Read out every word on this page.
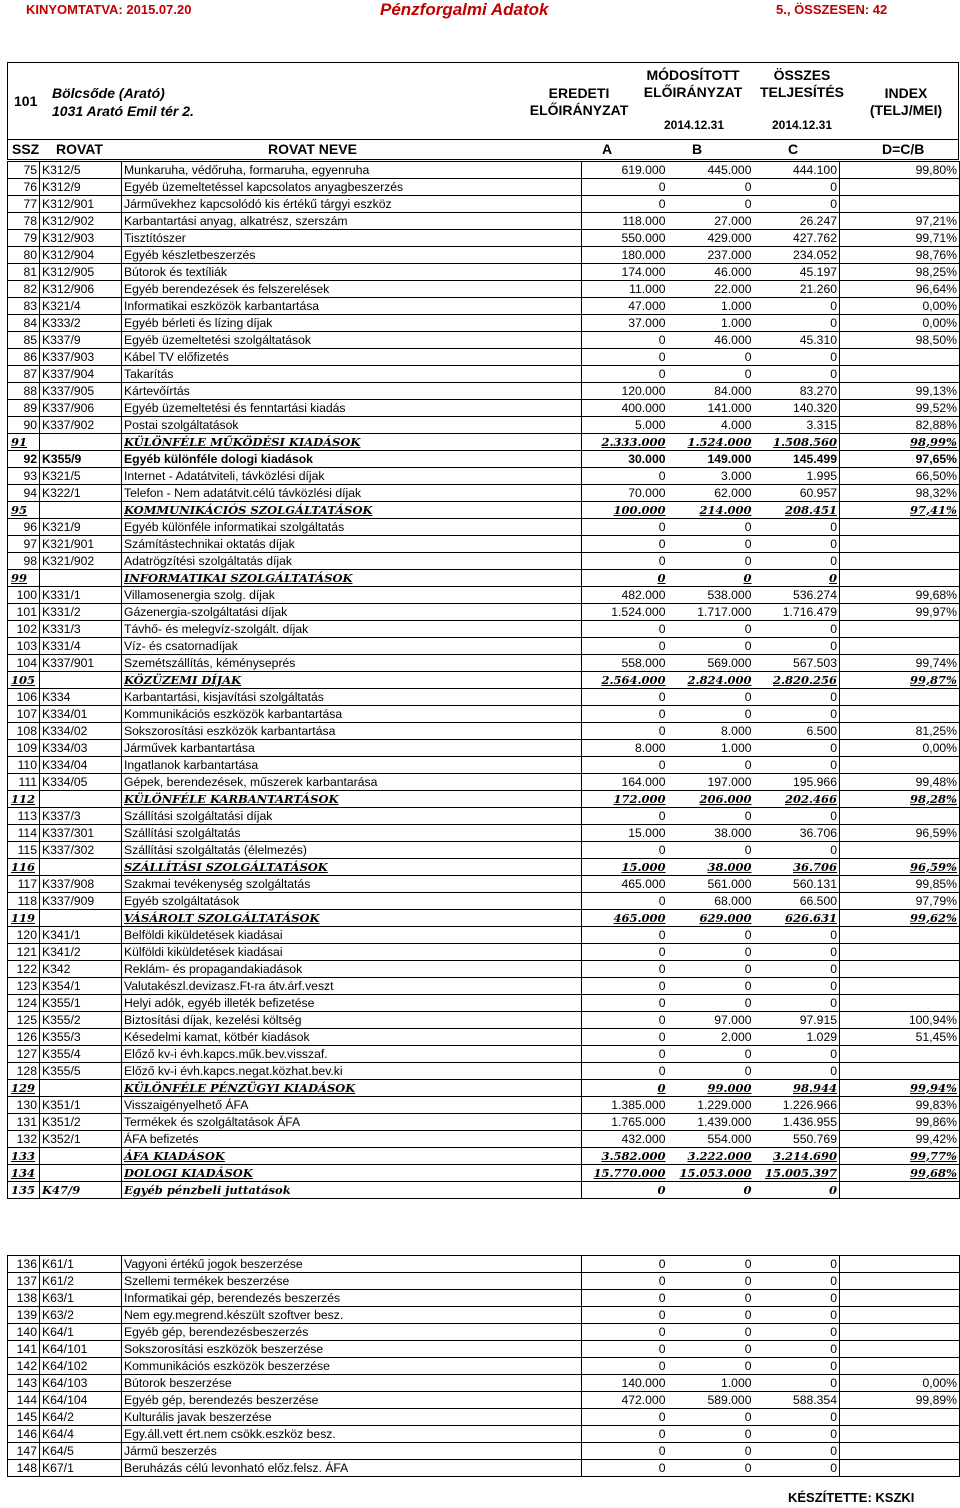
KINYOMTATVA: 2015.07.20	Pénzforgalmi Adatok	5., ÖSSZESEN: 42
101 Bölcsőde (Arató)
1031 Arató Emil tér 2.
EREDETI
ELŐIRÁNYZAT
MÓDOSÍTOTT
ELŐIRÁNYZAT
2014.12.31
ÖSSZES
TELJESÍTÉS
2014.12.31
INDEX
(TELJ/MEI)
SSZ ROVAT	ROVAT NEVE	A	B	C	D=C/B
75	K312/5	Munkaruha, védőruha, formaruha, egyenruha	619.000	445.000	444.100	99,80%
76	K312/9	Egyéb üzemeltetéssel kapcsolatos anyagbeszerzés	0	0	0	
77	K312/901	Járművekhez kapcsolódó kis értékű tárgyi eszköz	0	0	0	
78	K312/902	Karbantartási anyag, alkatrész, szerszám	118.000	27.000	26.247	97,21%
79	K312/903	Tisztítószer	550.000	429.000	427.762	99,71%
80	K312/904	Egyéb készletbeszerzés	180.000	237.000	234.052	98,76%
81	K312/905	Bútorok és textíliák	174.000	46.000	45.197	98,25%
82	K312/906	Egyéb berendezések és felszerelések	11.000	22.000	21.260	96,64%
83	K321/4	Informatikai eszközök karbantartása	47.000	1.000	0	0,00%
84	K333/2	Egyéb bérleti és lízing díjak	37.000	1.000	0	0,00%
85	K337/9	Egyéb üzemeltetési szolgáltatások	0	46.000	45.310	98,50%
86	K337/903	Kábel TV előfizetés	0	0	0	
87	K337/904	Takarítás	0	0	0	
88	K337/905	Kártevőírtás	120.000	84.000	83.270	99,13%
89	K337/906	Egyéb üzemeltetési és fenntartási kiadás	400.000	141.000	140.320	99,52%
90	K337/902	Postai szolgáltatások	5.000	4.000	3.315	82,88%
91		KÜLÖNFÉLE MŰKÖDÉSI KIADÁSOK	2.333.000	1.524.000	1.508.560	98,99%
92	K355/9	Egyéb különféle dologi kiadások	30.000	149.000	145.499	97,65%
93	K321/5	Internet - Adatátviteli, távközlési díjak	0	3.000	1.995	66,50%
94	K322/1	Telefon - Nem adatátvit.célú távközlési díjak	70.000	62.000	60.957	98,32%
95		KOMMUNIKÁCIÓS SZOLGÁLTATÁSOK	100.000	214.000	208.451	97,41%
96	K321/9	Egyéb különféle informatikai szolgáltatás	0	0	0	
97	K321/901	Számítástechnikai oktatás díjak	0	0	0	
98	K321/902	Adatrögzítési szolgáltatás díjak	0	0	0	
99		INFORMATIKAI SZOLGÁLTATÁSOK	0	0	0	
100	K331/1	Villamosenergia szolg. díjak	482.000	538.000	536.274	99,68%
101	K331/2	Gázenergia-szolgáltatási díjak	1.524.000	1.717.000	1.716.479	99,97%
102	K331/3	Távhő- és melegvíz-szolgált. díjak	0	0	0	
103	K331/4	Víz- és csatornadíjak	0	0	0	
104	K337/901	Szemétszállítás, kéményseprés	558.000	569.000	567.503	99,74%
105		KÖZÜZEMI DÍJAK	2.564.000	2.824.000	2.820.256	99,87%
106	K334	Karbantartási, kisjavítási szolgáltatás	0	0	0	
107	K334/01	Kommunikációs eszközök karbantartása	0	0	0	
108	K334/02	Sokszorosítási eszközök karbantartása	0	8.000	6.500	81,25%
109	K334/03	Járművek karbantartása	8.000	1.000	0	0,00%
110	K334/04	Ingatlanok karbantartása	0	0	0	
111	K334/05	Gépek, berendezések, műszerek karbantarása	164.000	197.000	195.966	99,48%
112		KÜLÖNFÉLE KARBANTARTÁSOK	172.000	206.000	202.466	98,28%
113	K337/3	Szállítási szolgáltatási díjak	0	0	0	
114	K337/301	Szállítási szolgáltatás	15.000	38.000	36.706	96,59%
115	K337/302	Szállítási szolgáltatás (élelmezés)	0	0	0	
116		SZÁLLÍTÁSI SZOLGÁLTATÁSOK	15.000	38.000	36.706	96,59%
117	K337/908	Szakmai tevékenység szolgáltatás	465.000	561.000	560.131	99,85%
118	K337/909	Egyéb szolgáltatások	0	68.000	66.500	97,79%
119		VÁSÁROLT SZOLGÁLTATÁSOK	465.000	629.000	626.631	99,62%
120	K341/1	Belföldi kiküldetések kiadásai	0	0	0	
121	K341/2	Külföldi kiküldetések kiadásai	0	0	0	
122	K342	Reklám- és propagandakiadások	0	0	0	
123	K354/1	Valutakészl.devizasz.Ft-ra átv.árf.veszt	0	0	0	
124	K355/1	Helyi adók, egyéb illeték befizetése	0	0	0	
125	K355/2	Biztosítási díjak, kezelési költség	0	97.000	97.915	100,94%
126	K355/3	Késedelmi kamat, kötbér kiadások	0	2.000	1.029	51,45%
127	K355/4	Előző kv-i évh.kapcs.műk.bev.visszaf.	0	0	0	
128	K355/5	Előző kv-i évh.kapcs.negat.közhat.bev.ki	0	0	0	
129		KÜLÖNFÉLE PÉNZÜGYI KIADÁSOK	0	99.000	98.944	99,94%
130	K351/1	Visszaigényelhető ÁFA	1.385.000	1.229.000	1.226.966	99,83%
131	K351/2	Termékek és szolgáltatások ÁFA	1.765.000	1.439.000	1.436.955	99,86%
132	K352/1	ÁFA befizetés	432.000	554.000	550.769	99,42%
133		ÁFA KIADÁSOK	3.582.000	3.222.000	3.214.690	99,77%
134		DOLOGI KIADÁSOK	15.770.000	15.053.000	15.005.397	99,68%
135	K47/9	Egyéb pénzbeli juttatások	0	0	0	
136	K61/1	Vagyoni értékű jogok beszerzése	0	0	0	
137	K61/2	Szellemi termékek beszerzése	0	0	0	
138	K63/1	Informatikai gép, berendezés beszerzés	0	0	0	
139	K63/2	Nem egy.megrend.készült szoftver besz.	0	0	0	
140	K64/1	Egyéb gép, berendezésbeszerzés	0	0	0	
141	K64/101	Sokszorosítási eszközök beszerzése	0	0	0	
142	K64/102	Kommunikációs eszközök beszerzése	0	0	0	
143	K64/103	Bútorok beszerzése	140.000	1.000	0	0,00%
144	K64/104	Egyéb gép, berendezés beszerzése	472.000	589.000	588.354	99,89%
145	K64/2	Kulturális javak beszerzése	0	0	0	
146	K64/4	Egy.áll.vett ért.nem csökk.eszköz besz.	0	0	0	
147	K64/5	Jármű beszerzés	0	0	0	
148	K67/1	Beruházás célú levonható előz.felsz. ÁFA	0	0	0	
KÉSZÍTETTE: KSZKI
